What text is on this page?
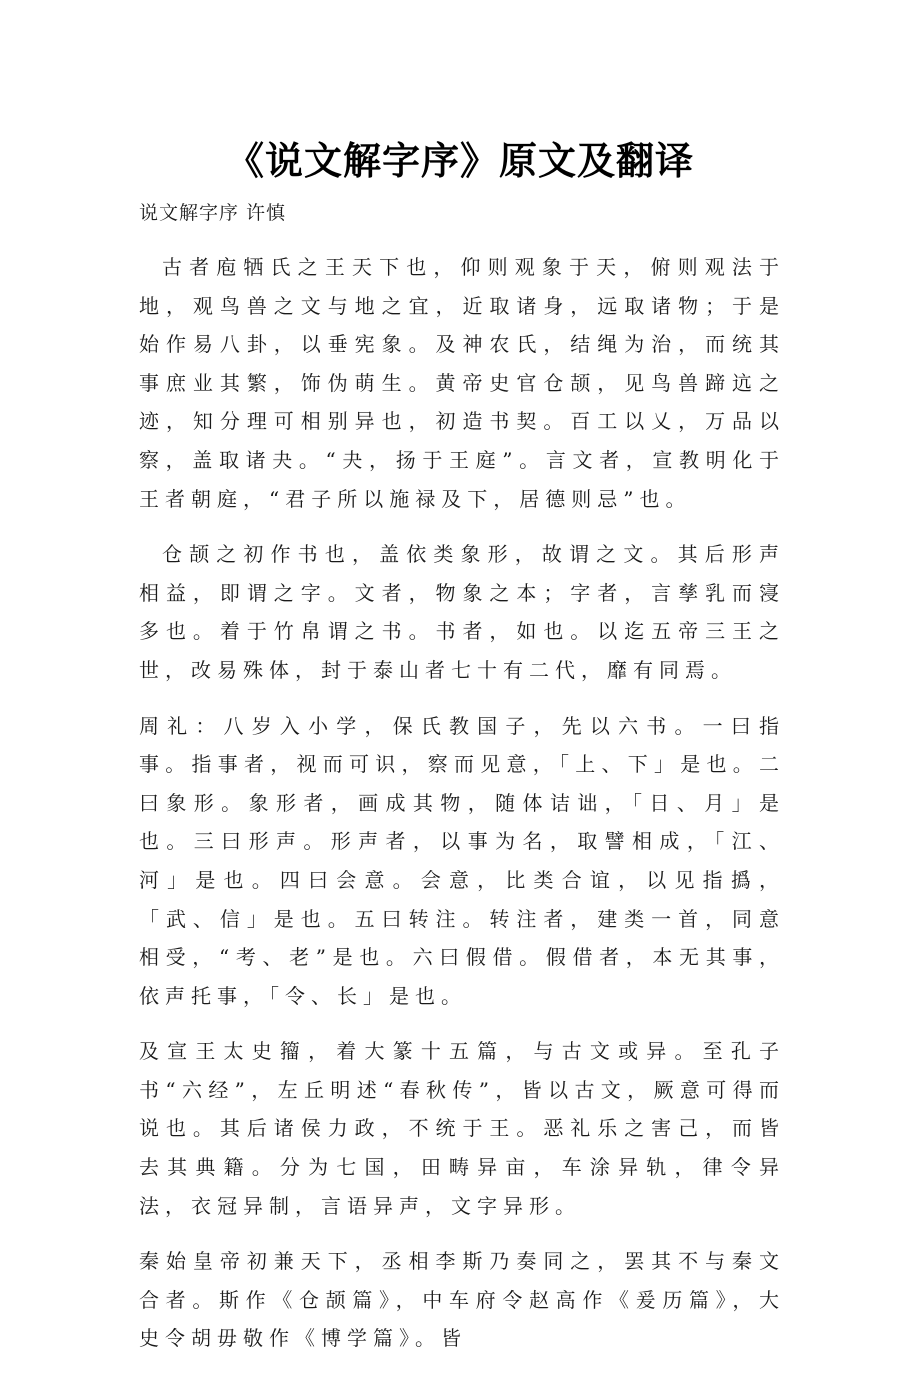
《说文解字序》原文及翻译
说文解字序 许慎

古者庖牺氏之王天下也，仰则观象于天，俯则观法于地，观鸟兽之文与地之宜，近取诸身，远取诸物；于是始作易八卦，以垂宪象。及神农氏，结绳为治，而统其事庶业其繁，饰伪萌生。黄帝史官仓颉，见鸟兽蹄迒之迹，知分理可相别异也，初造书契。百工以乂，万品以察，盖取诸夬。“夬，扬于王庭”。言文者，宣教明化于王者朝庭，“君子所以施禄及下，居德则忌”也。

仓颉之初作书也，盖依类象形，故谓之文。其后形声相益，即谓之字。文者，物象之本；字者，言孳乳而寖多也。着于竹帛谓之书。书者，如也。以迄五帝三王之世，改易殊体，封于泰山者七十有二代，靡有同焉。

周礼：八岁入小学，保氏教国子，先以六书。一曰指事。指事者，视而可识，察而见意，「上、下」是也。二曰象形。象形者，画成其物，随体诘诎，「日、月」是也。三曰形声。形声者，以事为名，取譬相成，「江、河」是也。四曰会意。会意，比类合谊，以见指撝，「武、信」是也。五曰转注。转注者，建类一首，同意相受，“考、老”是也。六曰假借。假借者，本无其事，依声托事，「令、长」是也。

及宣王太史籀，着大篆十五篇，与古文或异。至孔子书“六经”，左丘明述“春秋传”，皆以古文，厥意可得而说也。其后诸侯力政，不统于王。恶礼乐之害己，而皆去其典籍。分为七国，田畴异亩，车涂异轨，律令异法，衣冠异制，言语异声，文字异形。

秦始皇帝初兼天下，丞相李斯乃奏同之，罢其不与秦文合者。斯作《仓颉篇》，中车府令赵高作《爰历篇》，大史令胡毋敬作《博学篇》。皆
